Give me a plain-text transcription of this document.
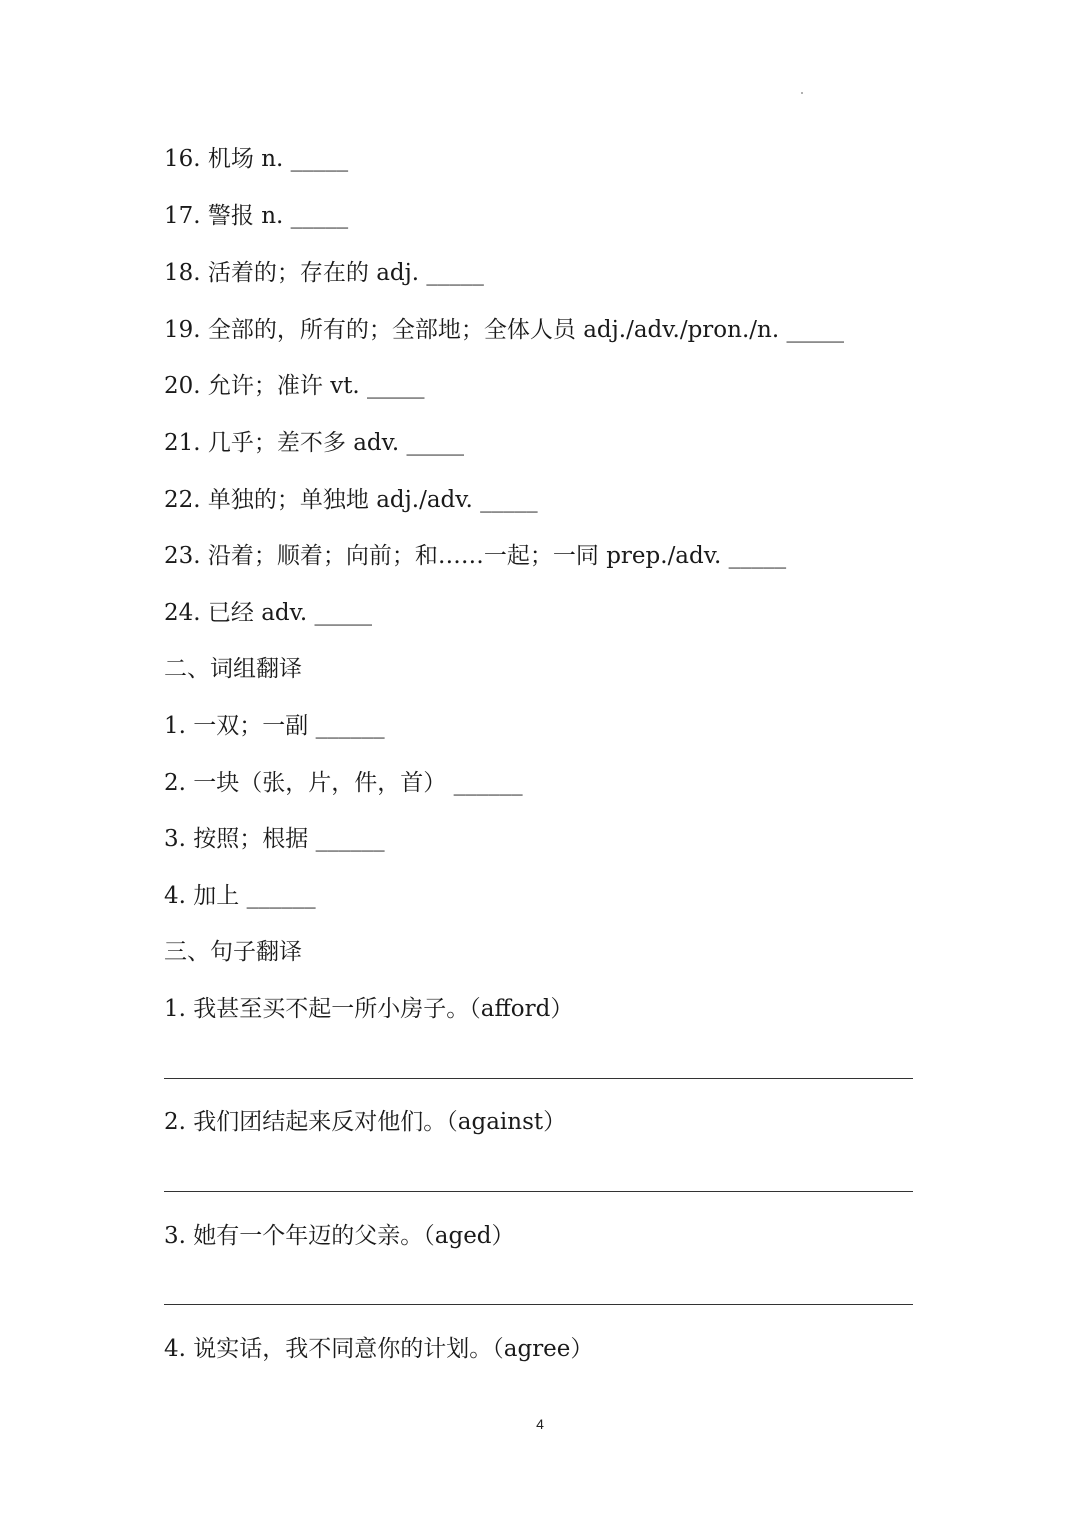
16. 机场 n. _____
17. 警报 n. _____
18. 活着的；存在的 adj. _____
19. 全部的，所有的；全部地；全体人员 adj./adv./pron./n. _____
20. 允许；准许 vt. _____
21. 几乎；差不多 adv. _____
22. 单独的；单独地 adj./adv. _____
23. 沿着；顺着；向前；和……一起；一同 prep./adv. _____
24. 已经 adv. _____
二、词组翻译
1. 一双；一副 ______
2. 一块（张，片，件，首） ______
3. 按照；根据 ______
4. 加上 ______
三、句子翻译
1. 我甚至买不起一所小房子。（afford）
2. 我们团结起来反对他们。（against）
3. 她有一个年迈的父亲。（aged）
4. 说实话，我不同意你的计划。（agree）
4
